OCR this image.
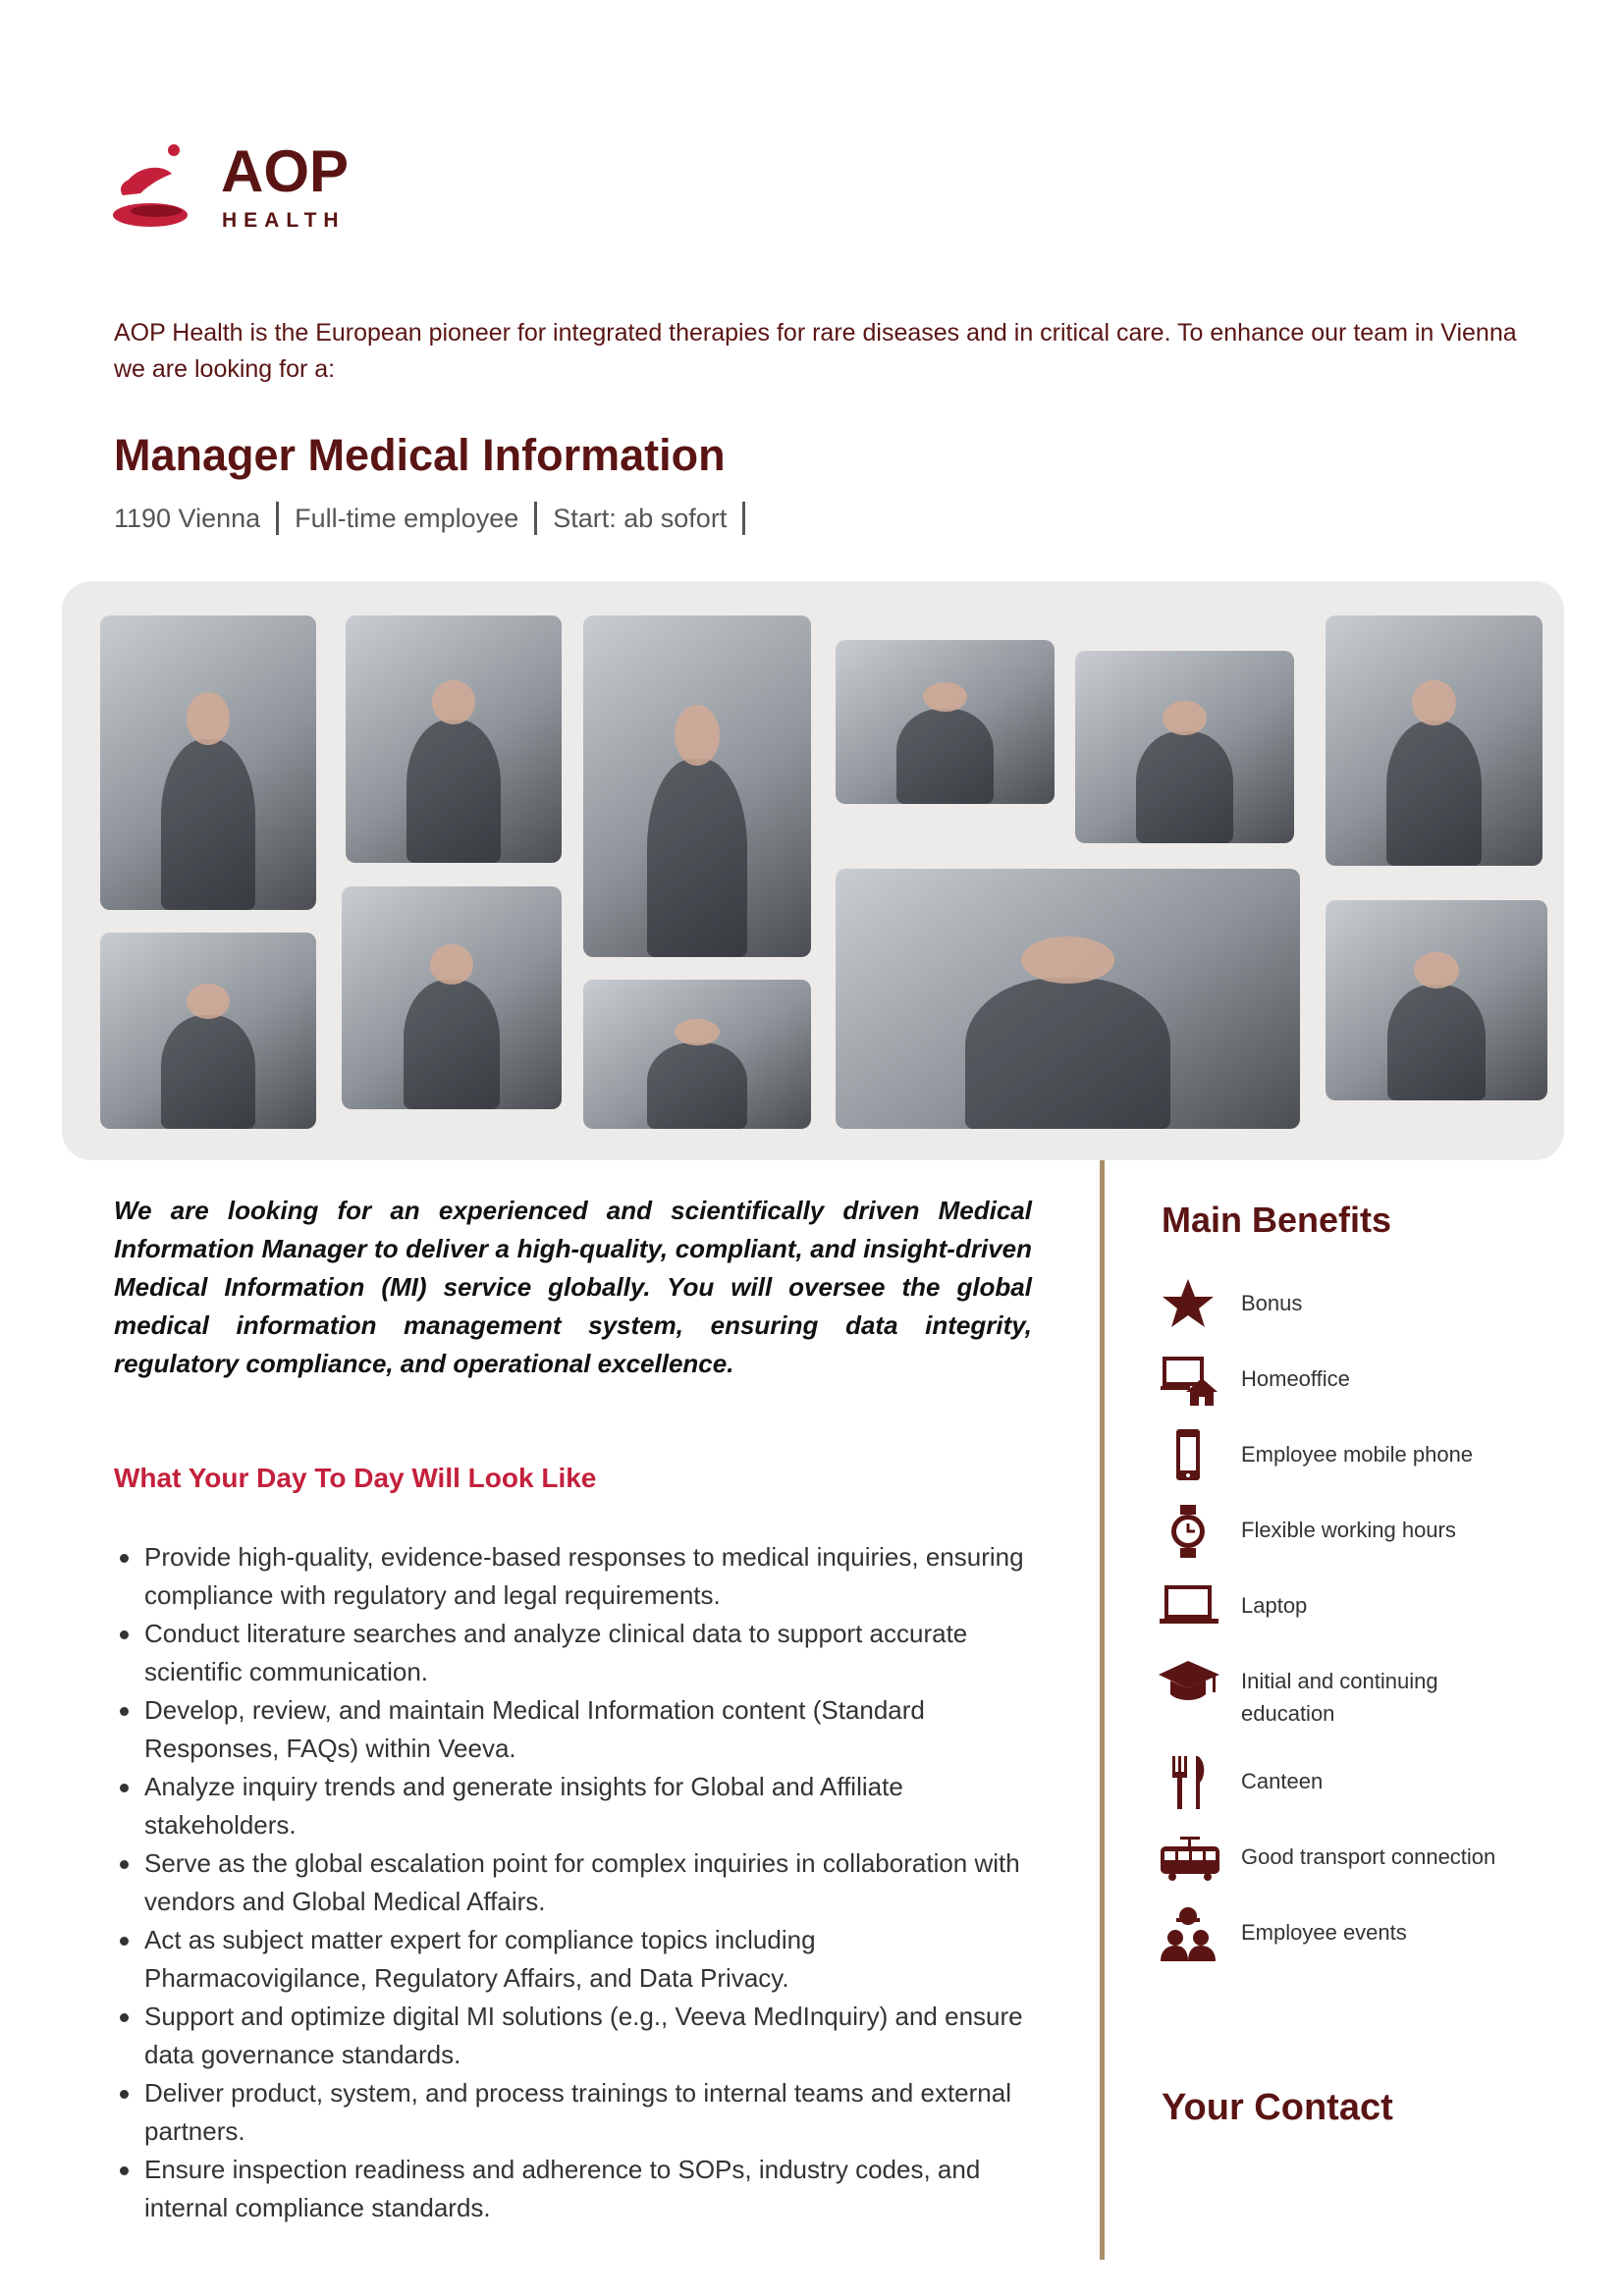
AOP
HEALTH
AOP Health is the European pioneer for integrated therapies for rare diseases and in critical care. To enhance our team in Vienna we are looking for a:
Manager Medical Information
1190 Vienna Full-time employee Start: ab sofort

We are looking for an experienced and scientifically driven Medical Information Manager to deliver a high-quality, compliant, and insight-driven Medical Information (MI) service globally. You will oversee the global medical information management system, ensuring data integrity, regulatory compliance, and operational excellence.

What Your Day To Day Will Look Like
Provide high-quality, evidence-based responses to medical inquiries, ensuring compliance with regulatory and legal requirements.
Conduct literature searches and analyze clinical data to support accurate scientific communication.
Develop, review, and maintain Medical Information content (Standard Responses, FAQs) within Veeva.
Analyze inquiry trends and generate insights for Global and Affiliate stakeholders.
Serve as the global escalation point for complex inquiries in collaboration with vendors and Global Medical Affairs.
Act as subject matter expert for compliance topics including Pharmacovigilance, Regulatory Affairs, and Data Privacy.
Support and optimize digital MI solutions (e.g., Veeva MedInquiry) and ensure data governance standards.
Deliver product, system, and process trainings to internal teams and external partners.
Ensure inspection readiness and adherence to SOPs, industry codes, and internal compliance standards.
Main Benefits
Bonus
Homeoffice
Employee mobile phone
Flexible working hours
Laptop
Initial and continuing education
Canteen
Good transport connection
Employee events
Your Contact
